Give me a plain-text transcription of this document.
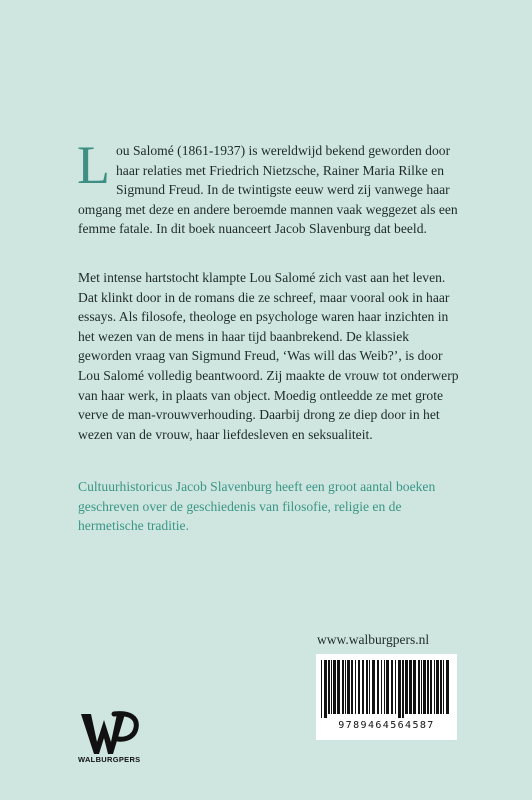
Lou Salomé (1861-1937) is wereldwijd bekend geworden door haar relaties met Friedrich Nietzsche, Rainer Maria Rilke en Sigmund Freud. In de twintigste eeuw werd zij vanwege haar omgang met deze en andere beroemde mannen vaak weggezet als een femme fatale. In dit boek nuanceert Jacob Slavenburg dat beeld.

Met intense hartstocht klampte Lou Salomé zich vast aan het leven. Dat klinkt door in de romans die ze schreef, maar vooral ook in haar essays. Als filosofe, theologe en psychologe waren haar inzichten in het wezen van de mens in haar tijd baanbrekend. De klassiek geworden vraag van Sigmund Freud, ‘Was will das Weib?’, is door Lou Salomé volledig beantwoord. Zij maakte de vrouw tot onderwerp van haar werk, in plaats van object. Moedig ontleedde ze met grote verve de man-vrouwverhouding. Daarbij drong ze diep door in het wezen van de vrouw, haar liefdesleven en seksualiteit.

Cultuurhistoricus Jacob Slavenburg heeft een groot aantal boeken geschreven over de geschiedenis van filosofie, religie en de hermetische traditie.

www.walburgpers.nl
9789464564587
WALBURGPERS
